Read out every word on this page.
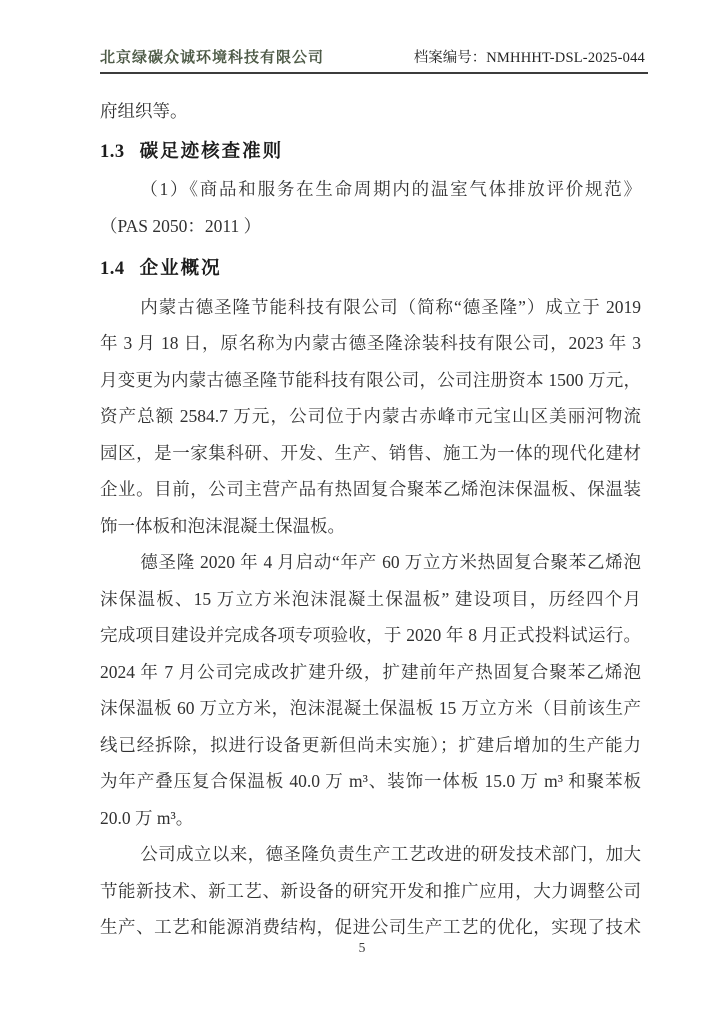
北京绿碳众诚环境科技有限公司	档案编号：NMHHHT-DSL-2025-044
府组织等。
1.3 碳足迹核查准则
（1）《商品和服务在生命周期内的温室气体排放评价规范》
（PAS 2050：2011 ）
1.4 企业概况
内蒙古德圣隆节能科技有限公司（简称“德圣隆”）成立于 2019
年 3 月 18 日，原名称为内蒙古德圣隆涂装科技有限公司，2023 年 3
月变更为内蒙古德圣隆节能科技有限公司，公司注册资本 1500 万元，
资产总额 2584.7 万元，公司位于内蒙古赤峰市元宝山区美丽河物流
园区，是一家集科研、开发、生产、销售、施工为一体的现代化建材
企业。目前，公司主营产品有热固复合聚苯乙烯泡沫保温板、保温装
饰一体板和泡沫混凝土保温板。
德圣隆 2020 年 4 月启动“年产 60 万立方米热固复合聚苯乙烯泡
沫保温板、15 万立方米泡沫混凝土保温板” 建设项目，历经四个月
完成项目建设并完成各项专项验收，于 2020 年 8 月正式投料试运行。
2024 年 7 月公司完成改扩建升级，扩建前年产热固复合聚苯乙烯泡
沫保温板 60 万立方米，泡沫混凝土保温板 15 万立方米（目前该生产
线已经拆除，拟进行设备更新但尚未实施）；扩建后增加的生产能力
为年产叠压复合保温板 40.0 万 m³、装饰一体板 15.0 万 m³ 和聚苯板
20.0 万 m³。
公司成立以来，德圣隆负责生产工艺改进的研发技术部门，加大
节能新技术、新工艺、新设备的研究开发和推广应用，大力调整公司
生产、工艺和能源消费结构，促进公司生产工艺的优化，实现了技术
5
